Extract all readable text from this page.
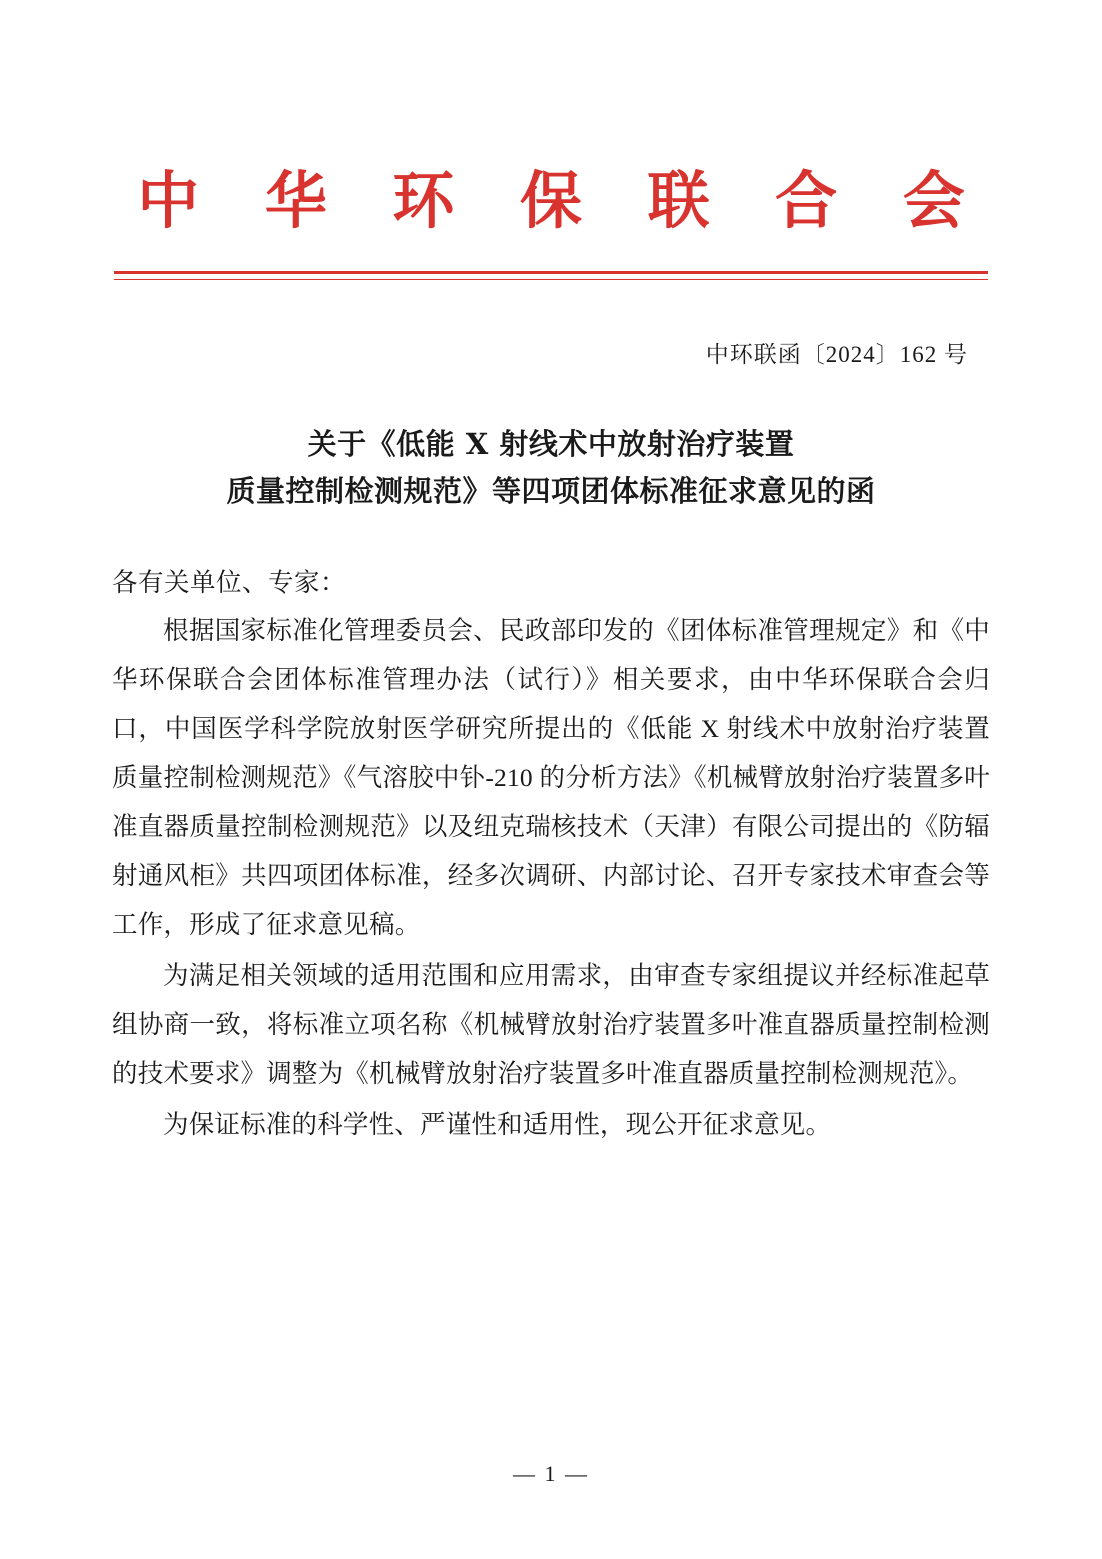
中 华 环 保 联 合 会
中环联函〔2024〕162 号
关于《低能 X 射线术中放射治疗装置
质量控制检测规范》等四项团体标准征求意见的函
各有关单位、专家：

根据国家标准化管理委员会、民政部印发的《团体标准管理规定》和《中华环保联合会团体标准管理办法（试行）》相关要求，由中华环保联合会归口，中国医学科学院放射医学研究所提出的《低能 X 射线术中放射治疗装置质量控制检测规范》《气溶胶中钋-210 的分析方法》《机械臂放射治疗装置多叶准直器质量控制检测规范》以及纽克瑞核技术（天津）有限公司提出的《防辐射通风柜》共四项团体标准，经多次调研、内部讨论、召开专家技术审查会等工作，形成了征求意见稿。

为满足相关领域的适用范围和应用需求，由审查专家组提议并经标准起草组协商一致，将标准立项名称《机械臂放射治疗装置多叶准直器质量控制检测的技术要求》调整为《机械臂放射治疗装置多叶准直器质量控制检测规范》。

为保证标准的科学性、严谨性和适用性，现公开征求意见。

— 1 —
